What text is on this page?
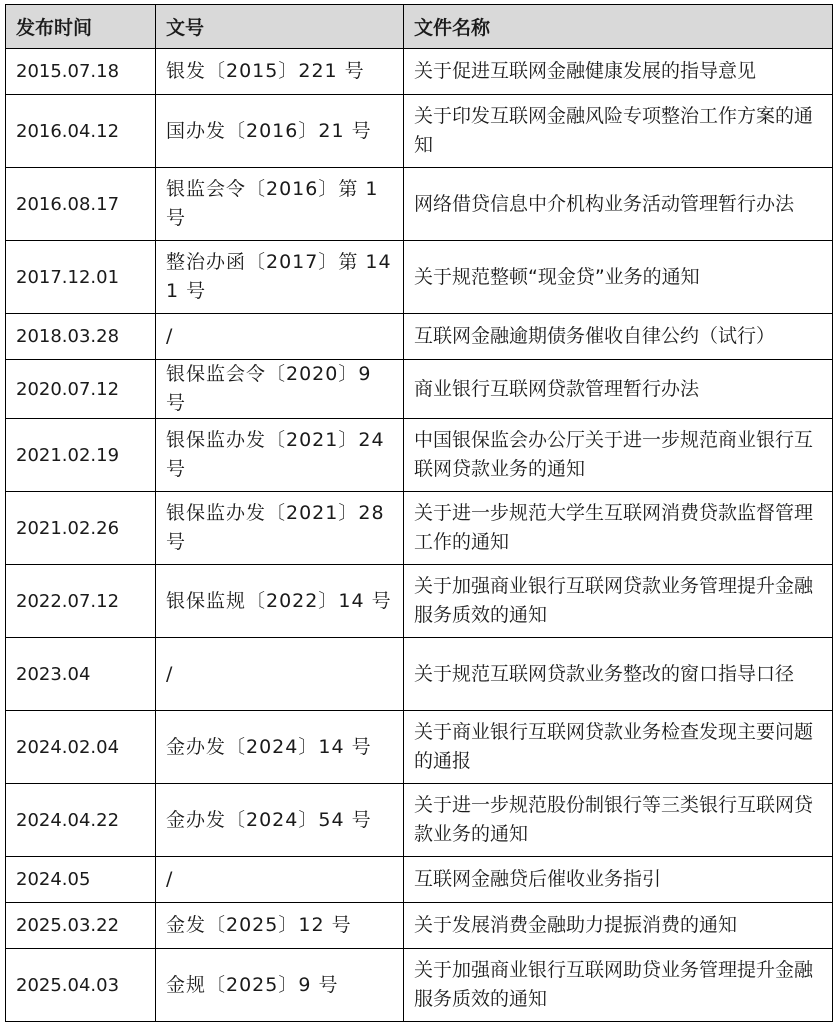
发布时间	文号	文件名称
2015.07.18	银发〔2015〕221 号	关于促进互联网金融健康发展的指导意见
2016.04.12	国办发〔2016〕21 号	关于印发互联网金融风险专项整治工作方案的通知
2016.08.17	银监会令〔2016〕第 1 号	网络借贷信息中介机构业务活动管理暂行办法
2017.12.01	整治办函〔2017〕第 141 号	关于规范整顿“现金贷”业务的通知
2018.03.28	/	互联网金融逾期债务催收自律公约（试行）
2020.07.12	银保监会令〔2020〕9 号	商业银行互联网贷款管理暂行办法
2021.02.19	银保监办发〔2021〕24 号	中国银保监会办公厅关于进一步规范商业银行互联网贷款业务的通知
2021.02.26	银保监办发〔2021〕28 号	关于进一步规范大学生互联网消费贷款监督管理工作的通知
2022.07.12	银保监规〔2022〕14 号	关于加强商业银行互联网贷款业务管理提升金融服务质效的通知
2023.04	/	关于规范互联网贷款业务整改的窗口指导口径
2024.02.04	金办发〔2024〕14 号	关于商业银行互联网贷款业务检查发现主要问题的通报
2024.04.22	金办发〔2024〕54 号	关于进一步规范股份制银行等三类银行互联网贷款业务的通知
2024.05	/	互联网金融贷后催收业务指引
2025.03.22	金发〔2025〕12 号	关于发展消费金融助力提振消费的通知
2025.04.03	金规〔2025〕9 号	关于加强商业银行互联网助贷业务管理提升金融服务质效的通知
